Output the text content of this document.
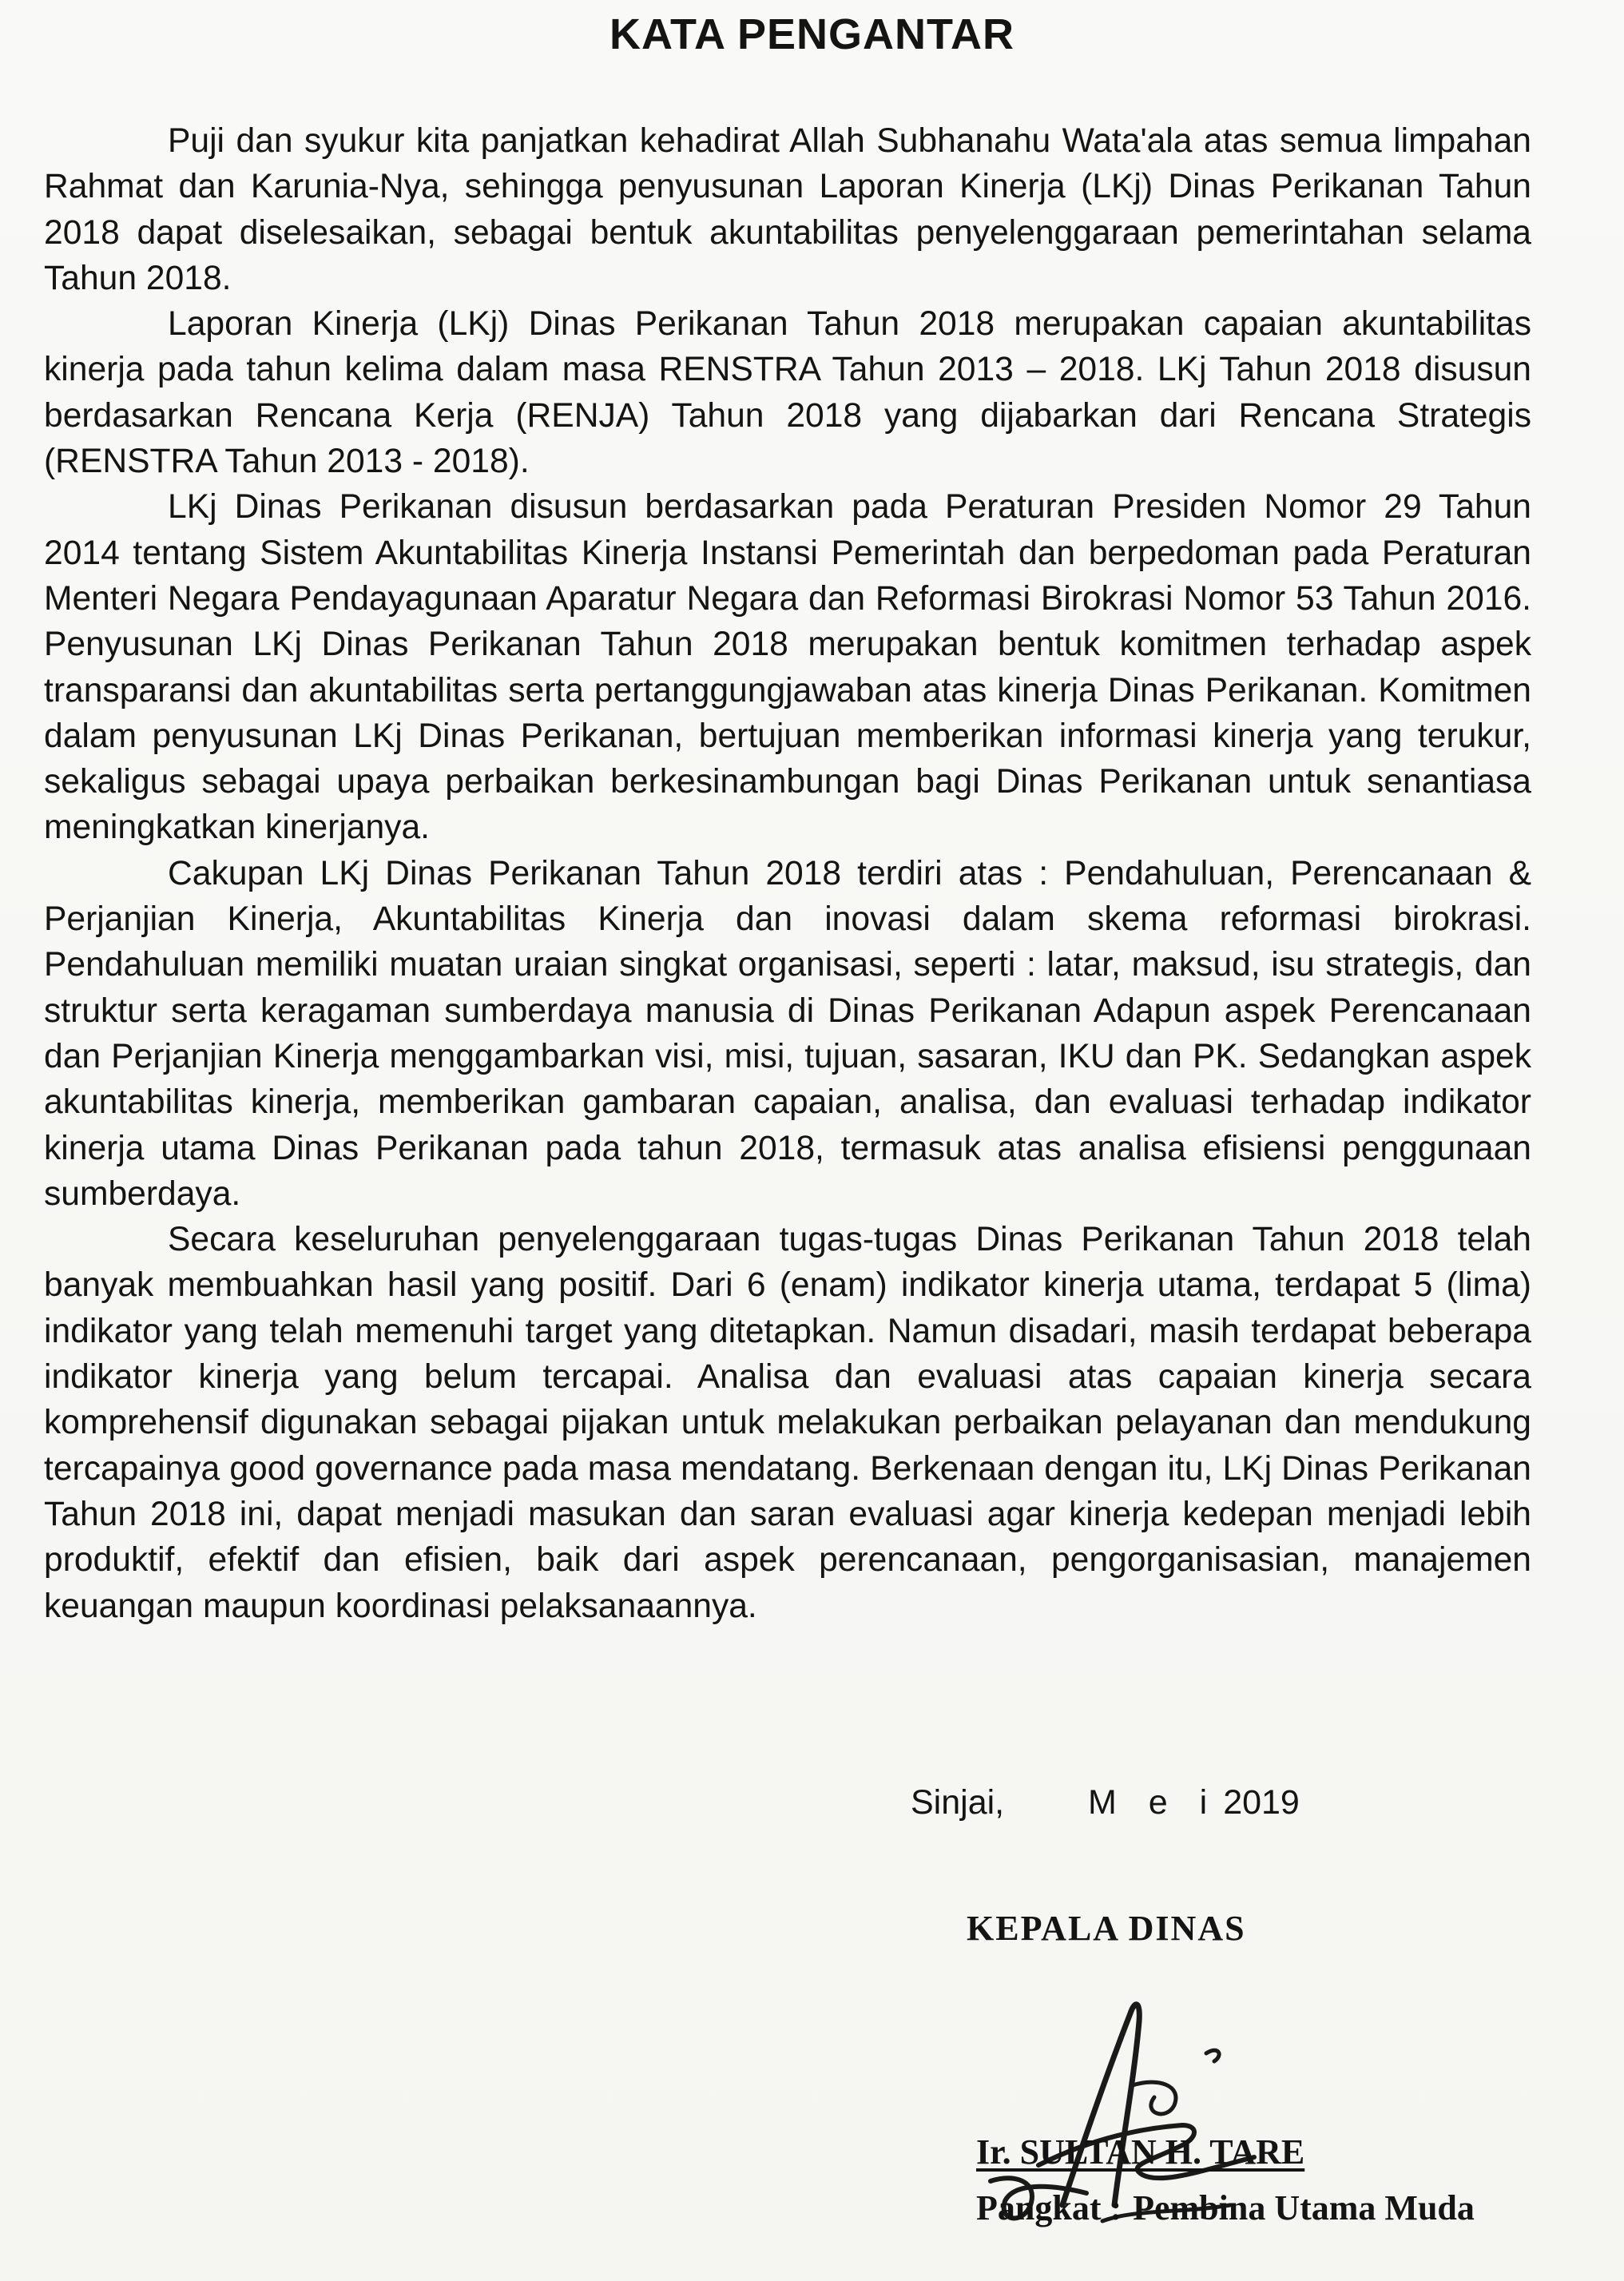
KATA PENGANTAR

Puji dan syukur kita panjatkan kehadirat Allah Subhanahu Wata'ala atas semua limpahan Rahmat dan Karunia-Nya, sehingga penyusunan Laporan Kinerja (LKj) Dinas Perikanan Tahun 2018 dapat diselesaikan, sebagai bentuk akuntabilitas penyelenggaraan pemerintahan selama Tahun 2018.

Laporan Kinerja (LKj) Dinas Perikanan Tahun 2018 merupakan capaian akuntabilitas kinerja pada tahun kelima dalam masa RENSTRA Tahun 2013 – 2018. LKj Tahun 2018 disusun berdasarkan Rencana Kerja (RENJA) Tahun 2018 yang dijabarkan dari Rencana Strategis (RENSTRA Tahun 2013 - 2018).

LKj Dinas Perikanan disusun berdasarkan pada Peraturan Presiden Nomor 29 Tahun 2014 tentang Sistem Akuntabilitas Kinerja Instansi Pemerintah dan berpedoman pada Peraturan Menteri Negara Pendayagunaan Aparatur Negara dan Reformasi Birokrasi Nomor 53 Tahun 2016. Penyusunan LKj Dinas Perikanan Tahun 2018 merupakan bentuk komitmen terhadap aspek transparansi dan akuntabilitas serta pertanggungjawaban atas kinerja Dinas Perikanan. Komitmen dalam penyusunan LKj Dinas Perikanan, bertujuan memberikan informasi kinerja yang terukur, sekaligus sebagai upaya perbaikan berkesinambungan bagi Dinas Perikanan untuk senantiasa meningkatkan kinerjanya.

Cakupan LKj Dinas Perikanan Tahun 2018 terdiri atas : Pendahuluan, Perencanaan & Perjanjian Kinerja, Akuntabilitas Kinerja dan inovasi dalam skema reformasi birokrasi. Pendahuluan memiliki muatan uraian singkat organisasi, seperti : latar, maksud, isu strategis, dan struktur serta keragaman sumberdaya manusia di Dinas Perikanan Adapun aspek Perencanaan dan Perjanjian Kinerja menggambarkan visi, misi, tujuan, sasaran, IKU dan PK. Sedangkan aspek akuntabilitas kinerja, memberikan gambaran capaian, analisa, dan evaluasi terhadap indikator kinerja utama Dinas Perikanan pada tahun 2018, termasuk atas analisa efisiensi penggunaan sumberdaya.

Secara keseluruhan penyelenggaraan tugas-tugas Dinas Perikanan Tahun 2018 telah banyak membuahkan hasil yang positif. Dari 6 (enam) indikator kinerja utama, terdapat 5 (lima) indikator yang telah memenuhi target yang ditetapkan. Namun disadari, masih terdapat beberapa indikator kinerja yang belum tercapai. Analisa dan evaluasi atas capaian kinerja secara komprehensif digunakan sebagai pijakan untuk melakukan perbaikan pelayanan dan mendukung tercapainya good governance pada masa mendatang. Berkenaan dengan itu, LKj Dinas Perikanan Tahun 2018 ini, dapat menjadi masukan dan saran evaluasi agar kinerja kedepan menjadi lebih produktif, efektif dan efisien, baik dari aspek perencanaan, pengorganisasian, manajemen keuangan maupun koordinasi pelaksanaannya.

Sinjai, M e i 2019
KEPALA DINAS
Ir. SULTAN H. TARE
Pangkat : Pembina Utama Muda
